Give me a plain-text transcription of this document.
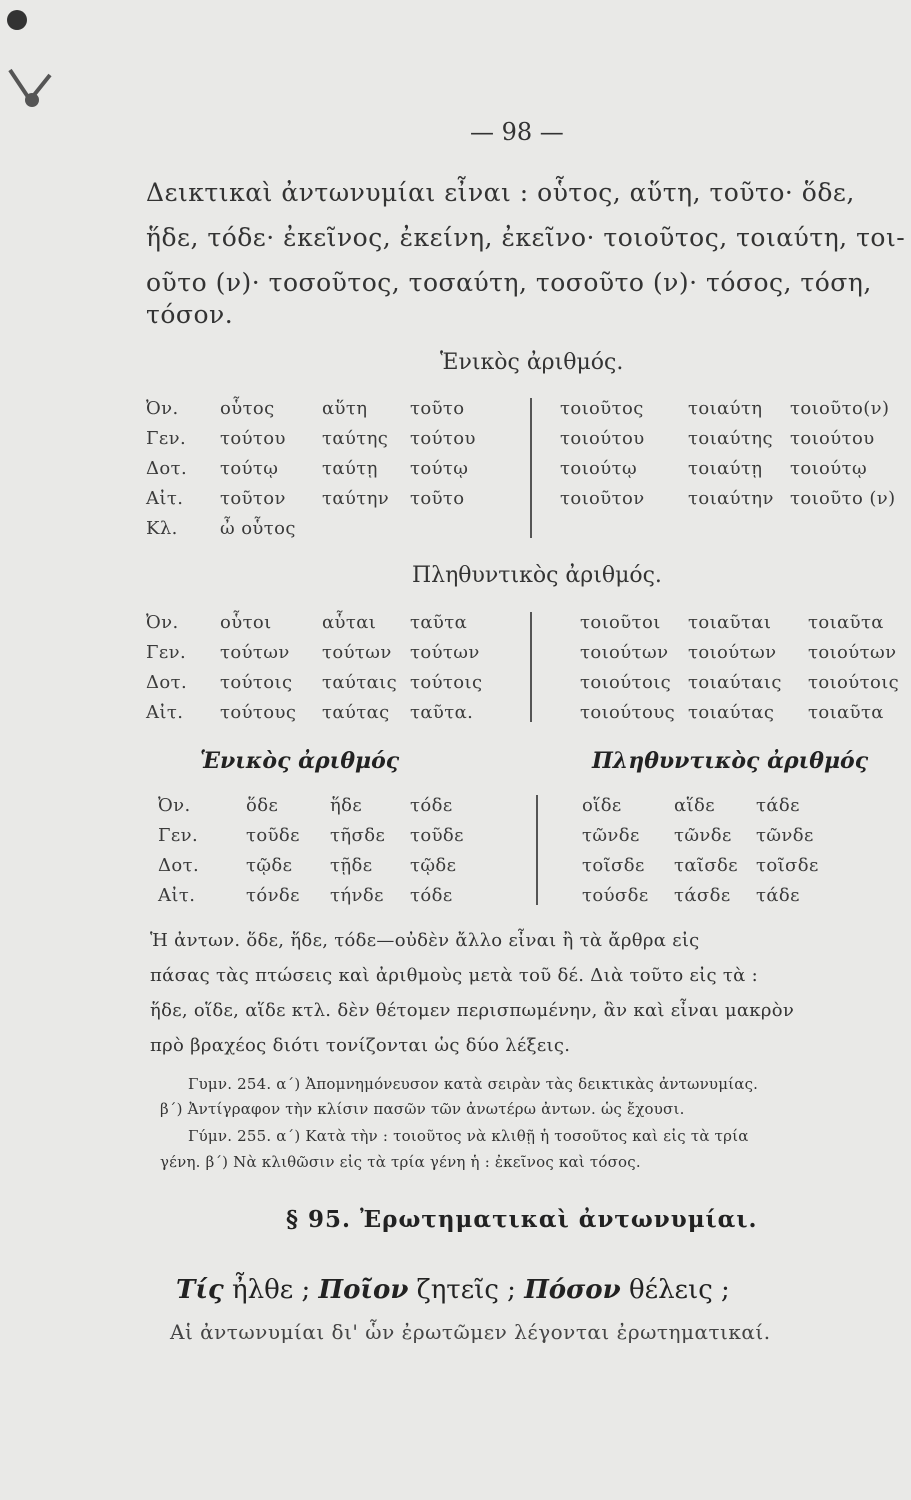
— 98 —
Δεικτικαὶ ἀντωνυμίαι εἶναι : οὗτος, αὕτη, τοῦτο· ὅδε,
ἥδε, τόδε· ἐκεῖνος, ἐκείνη, ἐκεῖνο· τοιοῦτος, τοιαύτη, τοι-
οῦτο (ν)· τοσοῦτος, τοσαύτη, τοσοῦτο (ν)· τόσος, τόση,
τόσον.
Ἑνικὸς ἀριθμός.
Ὀν. οὗτος	αὕτη τοῦτο	τοιοῦτος τοιαύτη τοιοῦτο(ν)
Γεν. τούτου ταύτης τούτου	τοιούτου τοιαύτης τοιούτου
Δοτ. τούτῳ ταύτῃ τούτῳ	τοιούτῳ	τοιαύτῃ τοιούτῳ
Αἰτ. τοῦτον ταύτην τοῦτο	τοιοῦτον τοιαύτην τοιοῦτο (ν)
Κλ. ὦ οὗτος
Πληθυντικὸς ἀριθμός.
Ὀν. οὗτοι	αὗται ταῦτα	τοιοῦτοι τοιαῦται τοιαῦτα
Γεν. τούτων τούτων τούτων	τοιούτων τοιούτων τοιούτων
Δοτ. τούτοις ταύταις τούτοις	τοιούτοις τοιαύταις τοιούτοις
Αἰτ. τούτους ταύτας ταῦτα.	τοιούτους τοιαύτας τοιαῦτα
Ἑνικὸς ἀριθμός	Πληθυντικὸς ἀριθμός
Ὀν.	ὅδε	ἥδε	τόδε	οἵδε	αἵδε τάδε
Γεν.	τοῦδε τῆσδε τοῦδε	τῶνδε τῶνδε τῶνδε
Δοτ.	τῷδε τῇδε τῷδε	τοῖσδε ταῖσδε τοῖσδε
Αἰτ.	τόνδε τήνδε τόδε	τούσδε τάσδε τάδε
Ἡ ἀντων. ὅδε, ἥδε, τόδε—οὐδὲν ἄλλο εἶναι ἢ τὰ ἄρθρα εἰς
πάσας τὰς πτώσεις καὶ ἀριθμοὺς μετὰ τοῦ δέ. Διὰ τοῦτο εἰς τὰ :
ἥδε, οἵδε, αἵδε κτλ. δὲν θέτομεν περισπωμένην, ἂν καὶ εἶναι μακρὸν
πρὸ βραχέος διότι τονίζονται ὡς δύο λέξεις.
Γυμν. 254. α΄) Ἀπομνημόνευσον κατὰ σειρὰν τὰς δεικτικὰς ἀντωνυμίας.
β΄) Ἀντίγραφον τὴν κλίσιν πασῶν τῶν ἀνωτέρω ἀντων. ὡς ἔχουσι.
Γύμν. 255. α΄) Κατὰ τὴν : τοιοῦτος νὰ κλιθῇ ἡ τοσοῦτος καὶ εἰς τὰ τρία
γένη. β΄) Νὰ κλιθῶσιν εἰς τὰ τρία γένη ἡ : ἐκεῖνος καὶ τόσος.
§ 95. Ἐρωτηματικαὶ ἀντωνυμίαι.
Τίς ἦλθε ; Ποῖον ζητεῖς ; Πόσον θέλεις ;
Αἱ ἀντωνυμίαι δι' ὧν ἐρωτῶμεν λέγονται ἐρωτηματικαί.
